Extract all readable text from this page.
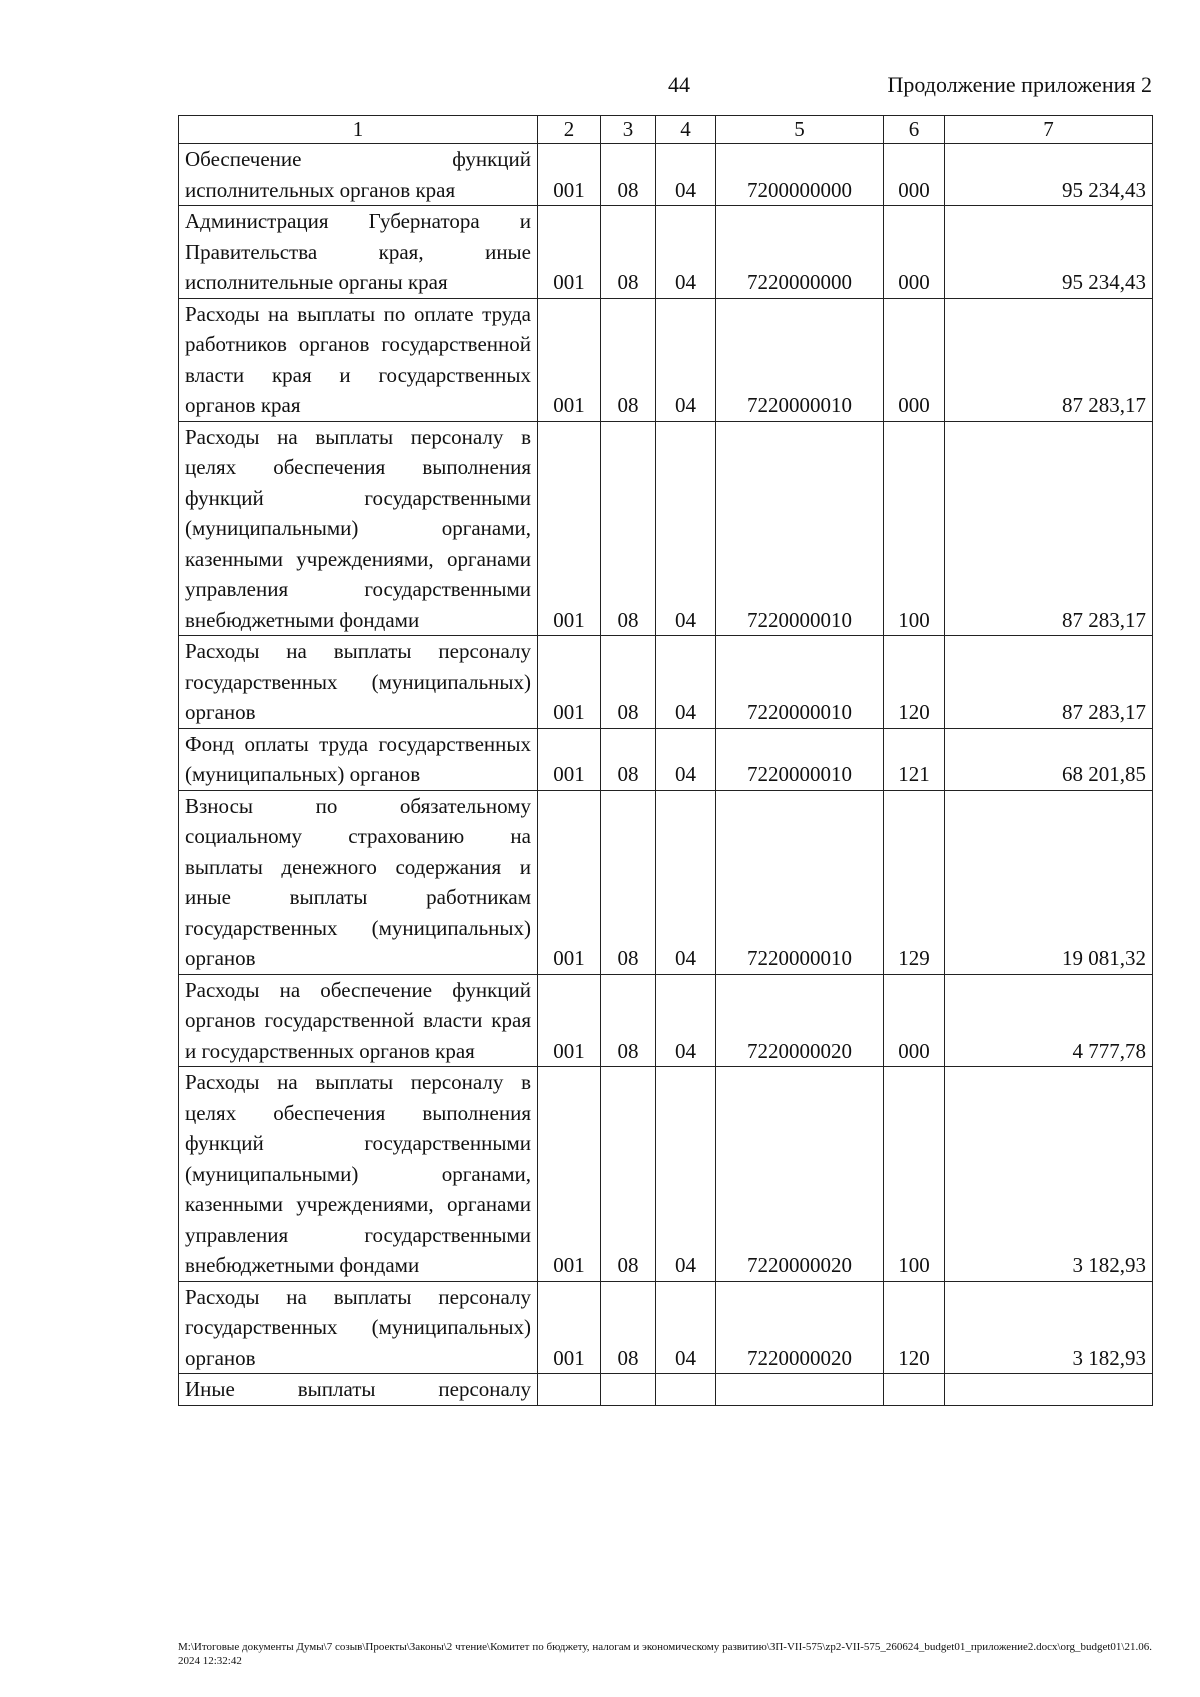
44	Продолжение приложения 2
1	2	3	4	5	6	7
Обеспечение функций исполнительных органов края	001	08	04	7200000000	000	95 234,43
Администрация Губернатора и Правительства края, иные исполнительные органы края	001	08	04	7220000000	000	95 234,43
Расходы на выплаты по оплате труда работников органов государственной власти края и государственных органов края	001	08	04	7220000010	000	87 283,17
Расходы на выплаты персоналу в целях обеспечения выполнения функций государственными (муниципальными) органами, казенными учреждениями, органами управления государственными внебюджетными фондами	001	08	04	7220000010	100	87 283,17
Расходы на выплаты персоналу государственных (муниципальных) органов	001	08	04	7220000010	120	87 283,17
Фонд оплаты труда государственных (муниципальных) органов	001	08	04	7220000010	121	68 201,85
Взносы по обязательному социальному страхованию на выплаты денежного содержания и иные выплаты работникам государственных (муниципальных) органов	001	08	04	7220000010	129	19 081,32
Расходы на обеспечение функций органов государственной власти края и государственных органов края	001	08	04	7220000020	000	4 777,78
Расходы на выплаты персоналу в целях обеспечения выполнения функций государственными (муниципальными) органами, казенными учреждениями, органами управления государственными внебюджетными фондами	001	08	04	7220000020	100	3 182,93
Расходы на выплаты персоналу государственных (муниципальных) органов	001	08	04	7220000020	120	3 182,93
Иные выплаты персоналу						
M:\Итоговые документы Думы\7 созыв\Проекты\Законы\2 чтение\Комитет по бюджету, налогам и экономическому развитию\ЗП-VII-575\zp2-VII-575_260624_budget01_приложение2.docx\org_budget01\21.06.2024 12:32:42
